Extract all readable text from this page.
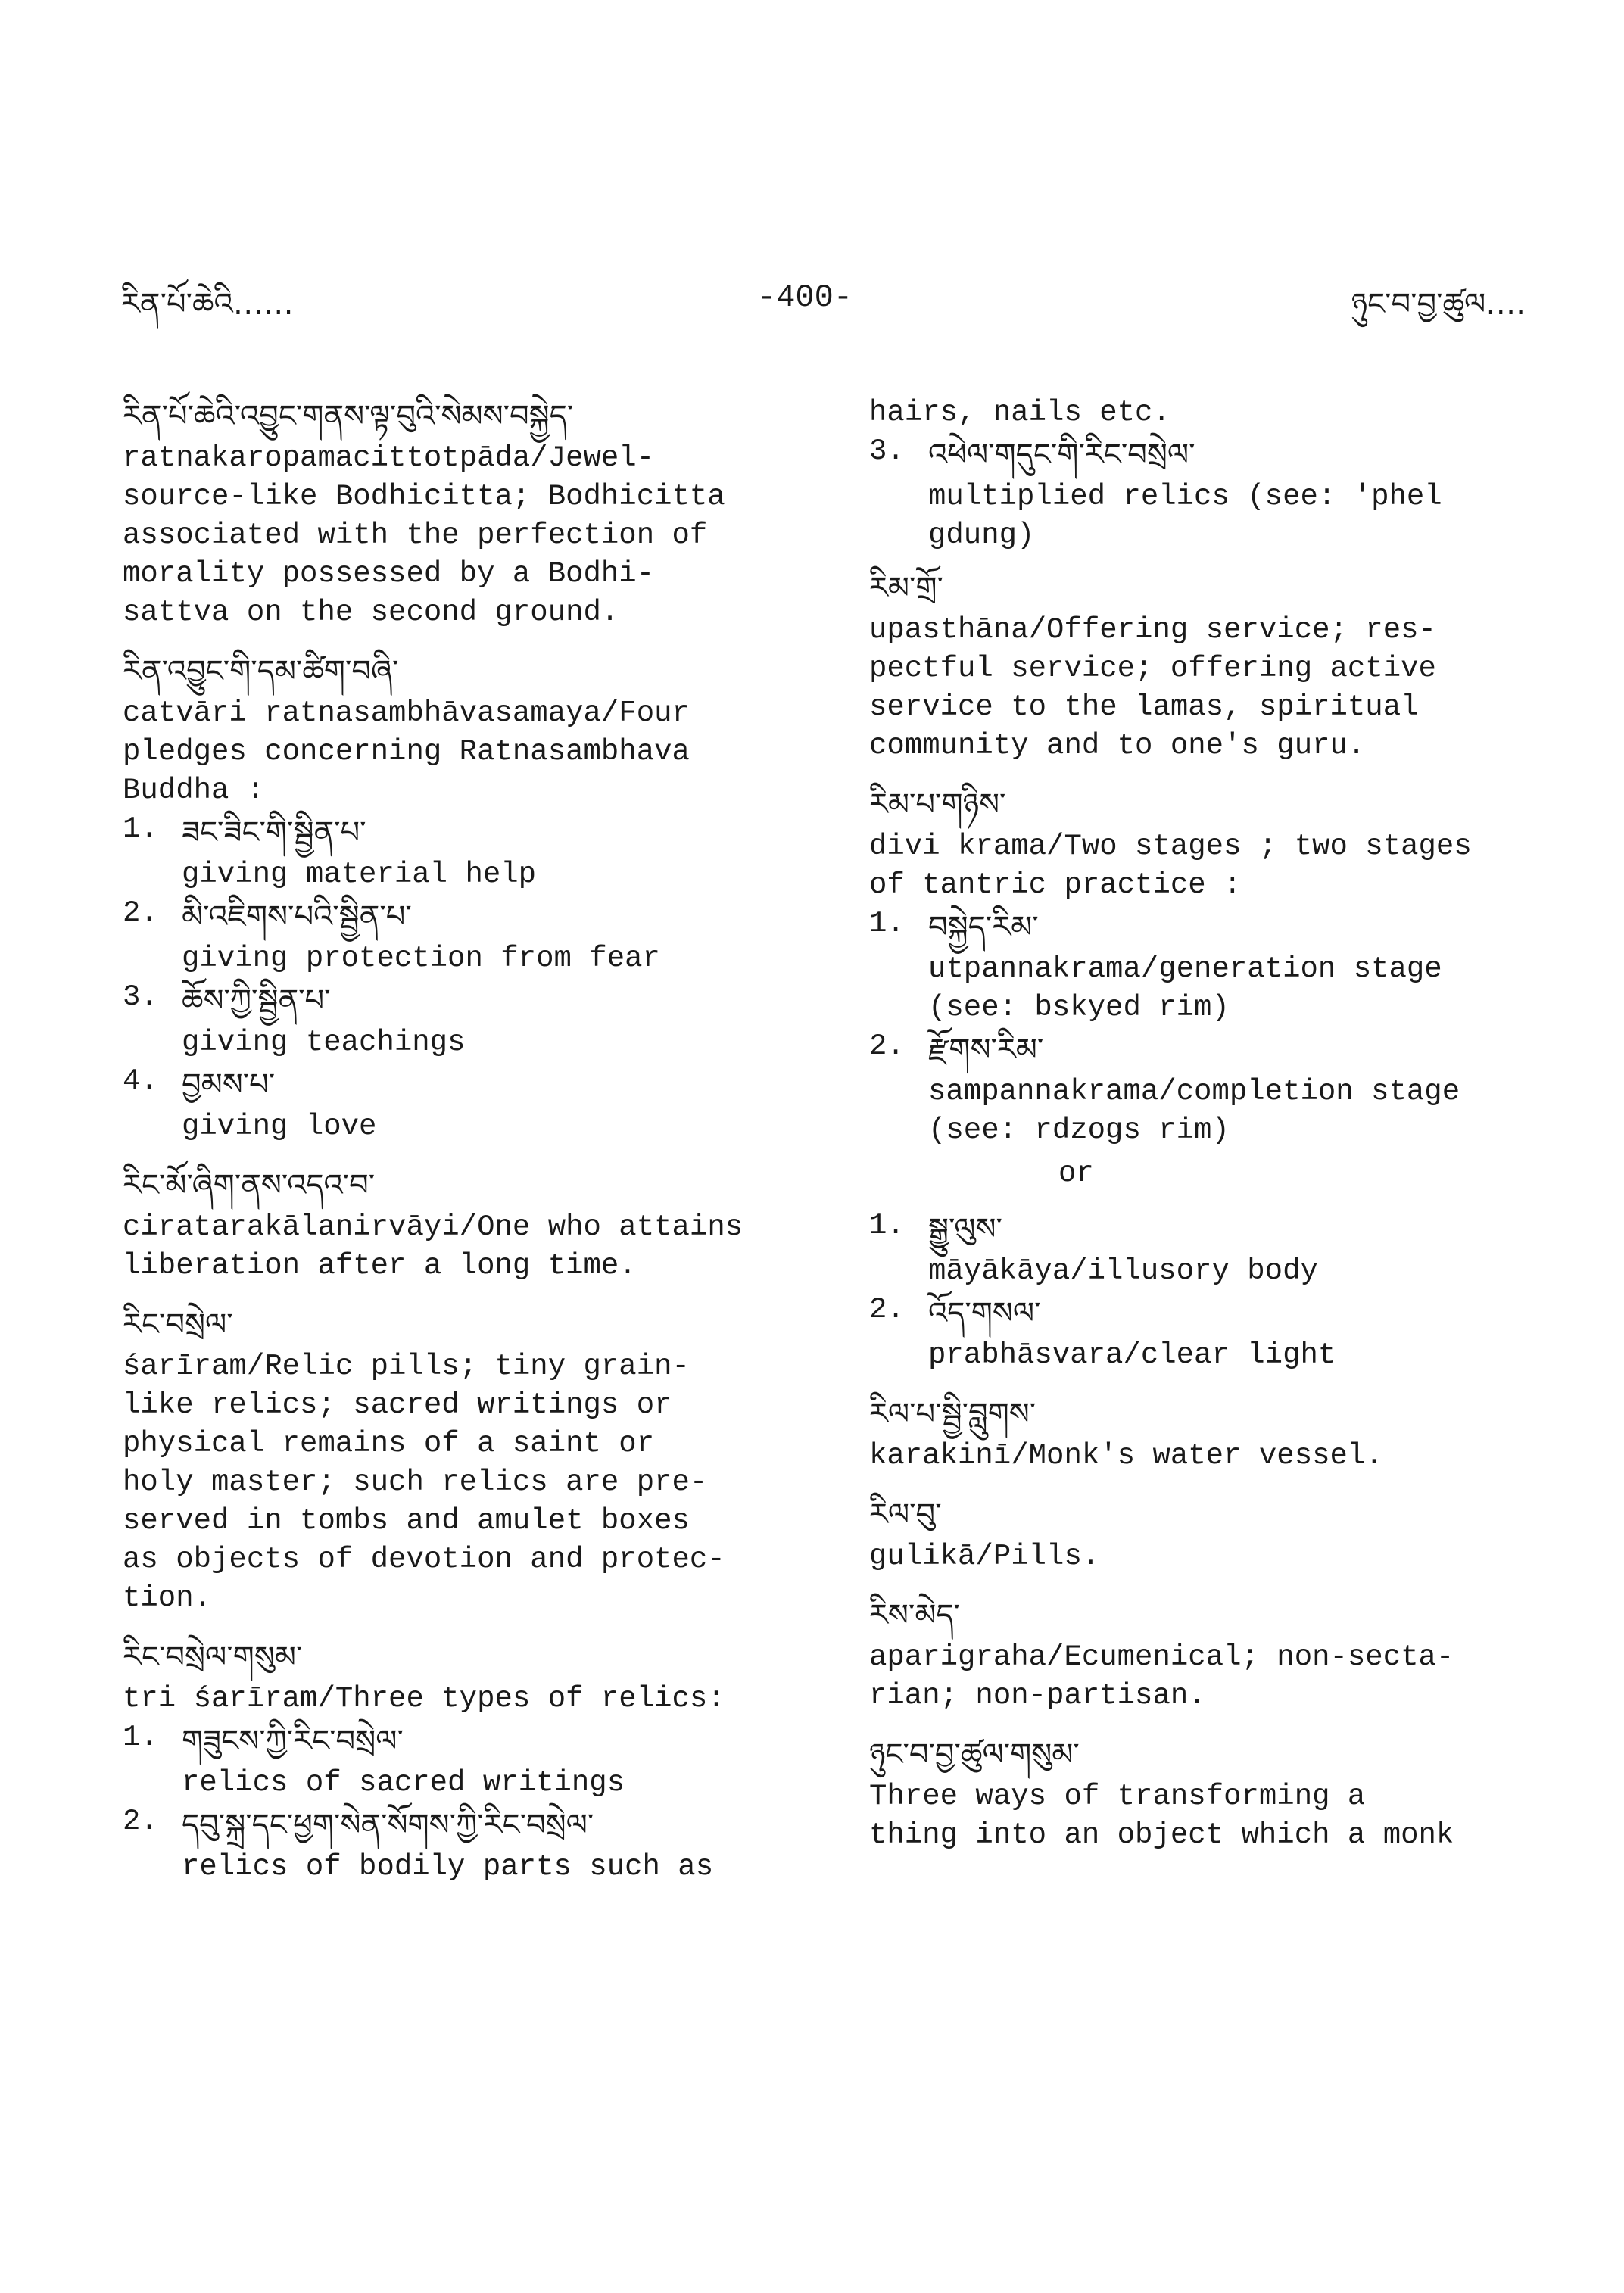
རིན་པོ་ཆེའི……	-400-	ཉུང་བ་བྱ་ཚུལ….
རིན་པོ་ཆེའི་འབྱུང་གནས་ལྟ་བུའི་སེམས་བསྐྱེད་
ratnakaropamacittotpāda/Jewel-
source-like Bodhicitta; Bodhicitta
associated with the perfection of
morality possessed by a Bodhi-
sattva on the second ground.
རིན་འབྱུང་གི་དམ་ཚིག་བཞི་
catvāri ratnasambhāvasamaya/Four
pledges concerning Ratnasambhava
Buddha :
1. ཟང་ཟིང་གི་སྦྱིན་པ་
giving material help
2. མི་འཇིགས་པའི་སྦྱིན་པ་
giving protection from fear
3. ཆོས་ཀྱི་སྦྱིན་པ་
giving teachings
4. བྱམས་པ་
giving love
རིང་མོ་ཞིག་ནས་འདའ་བ་
ciratarakālanirvāyi/One who attains
liberation after a long time.
རིང་བསྲེལ་
śarīram/Relic pills; tiny grain-
like relics; sacred writings or
physical remains of a saint or
holy master; such relics are pre-
served in tombs and amulet boxes
as objects of devotion and protec-
tion.
རིང་བསྲེལ་གསུམ་
tri śarīram/Three types of relics:
1. གཟུངས་ཀྱི་རིང་བསྲེལ་
relics of sacred writings
2. དབུ་སྐྲ་དང་ཕྱག་སེན་སོགས་ཀྱི་རིང་བསྲེལ་
relics of bodily parts such as
hairs, nails etc.
3. འཕེལ་གདུང་གི་རིང་བསྲེལ་
multiplied relics (see: 'phel
gdung)
རིམ་གྲོ་
upasthāna/Offering service; res-
pectful service; offering active
service to the lamas, spiritual
community and to one's guru.
རིམ་པ་གཉིས་
divi krama/Two stages ; two stages
of tantric practice :
1. བསྐྱེད་རིམ་
utpannakrama/generation stage
(see: bskyed rim)
2. རྫོགས་རིམ་
sampannakrama/completion stage
(see: rdzogs rim)
or
1. སྒྱུ་ལུས་
māyākāya/illusory body
2. འོད་གསལ་
prabhāsvara/clear light
རིལ་པ་སྦྱི་བླུགས་
karakinī/Monk's water vessel.
རིལ་བུ་
gulikā/Pills.
རིས་མེད་
aparigraha/Ecumenical; non-secta-
rian; non-partisan.
ཉུང་བ་བྱ་ཚུལ་གསུམ་
Three ways of transforming a
thing into an object which a monk
